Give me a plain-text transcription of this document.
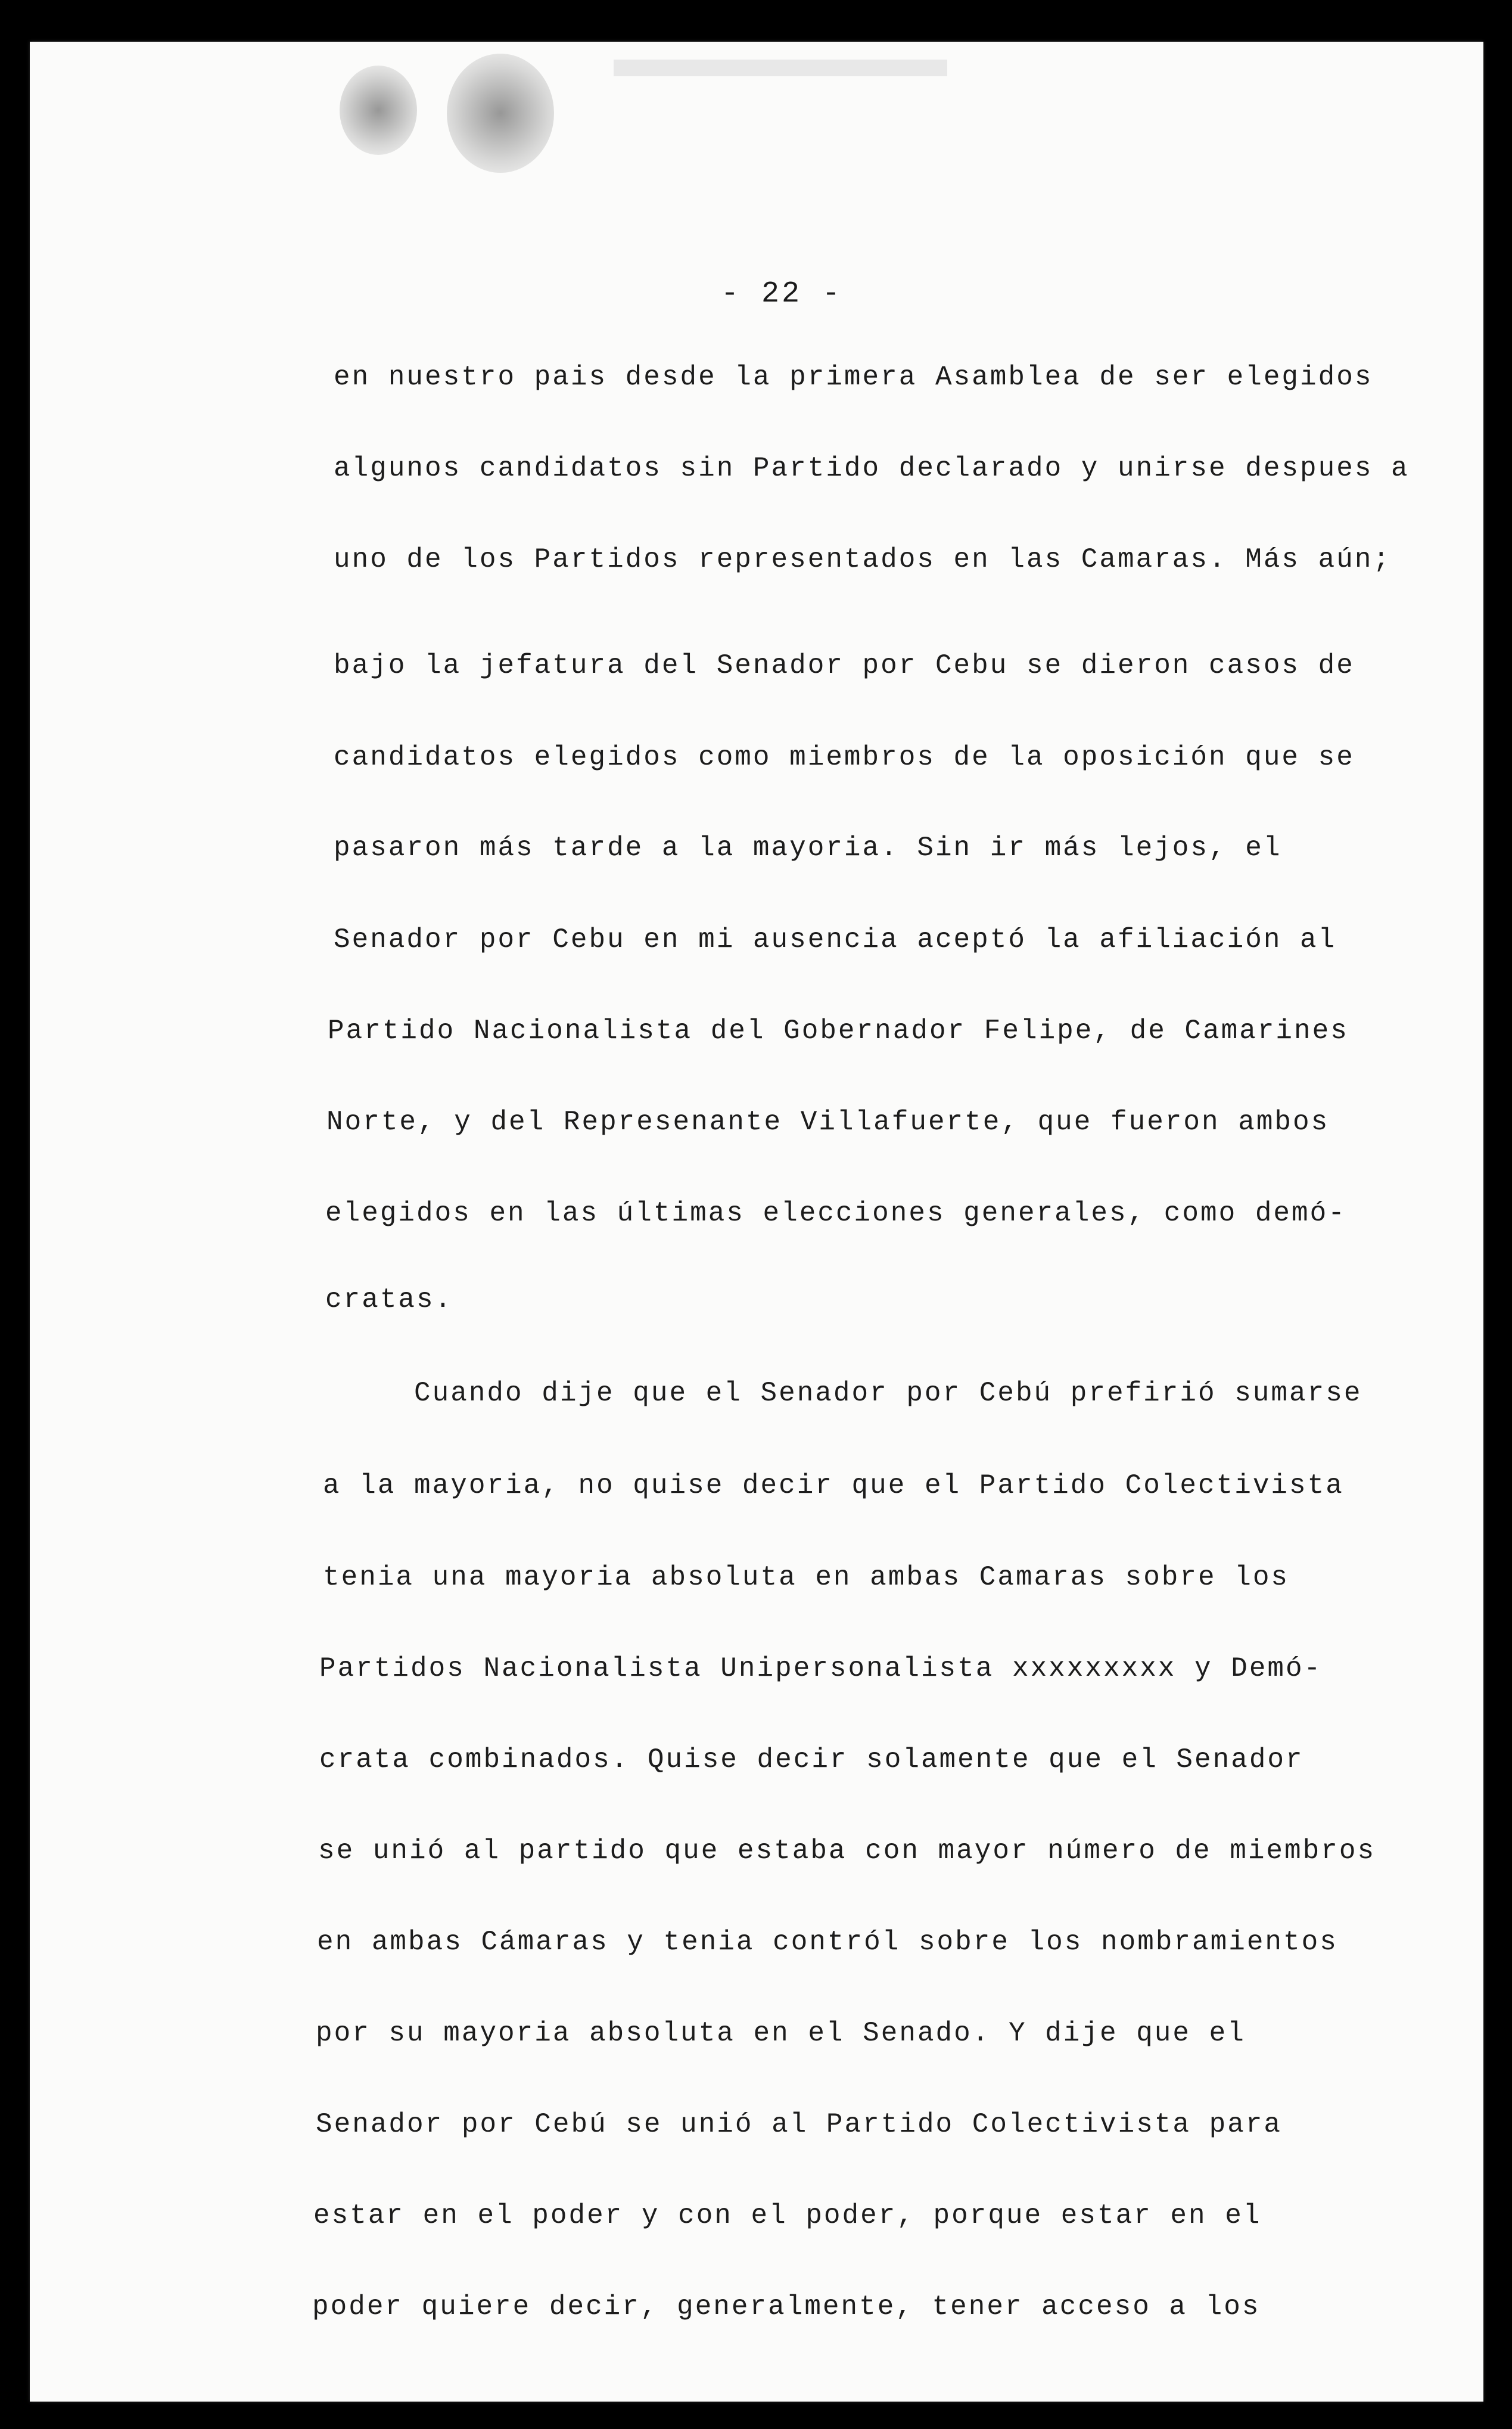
- 22 -
en nuestro pais desde la primera Asamblea de ser elegidos
algunos candidatos sin Partido declarado y unirse despues a
uno de los Partidos representados en las Camaras. Más aún;
bajo la jefatura del Senador por Cebu se dieron casos de
candidatos elegidos como miembros de la oposición que se
pasaron más tarde a la mayoria. Sin ir más lejos, el
Senador por Cebu en mi ausencia aceptó la afiliación al
Partido Nacionalista del Gobernador Felipe, de Camarines
Norte, y del Represenante Villafuerte, que fueron ambos
elegidos en las últimas elecciones generales, como demó-
cratas.
Cuando dije que el Senador por Cebú prefirió sumarse
a la mayoria, no quise decir que el Partido Colectivista
tenia una mayoria absoluta en ambas Camaras sobre los
Partidos Nacionalista Unipersonalista xxxxxxxxx y Demó-
crata combinados. Quise decir solamente que el Senador
se unió al partido que estaba con mayor número de miembros
en ambas Cámaras y tenia contról sobre los nombramientos
por su mayoria absoluta en el Senado. Y dije que el
Senador por Cebú se unió al Partido Colectivista para
estar en el poder y con el poder, porque estar en el
poder quiere decir, generalmente, tener acceso a los
